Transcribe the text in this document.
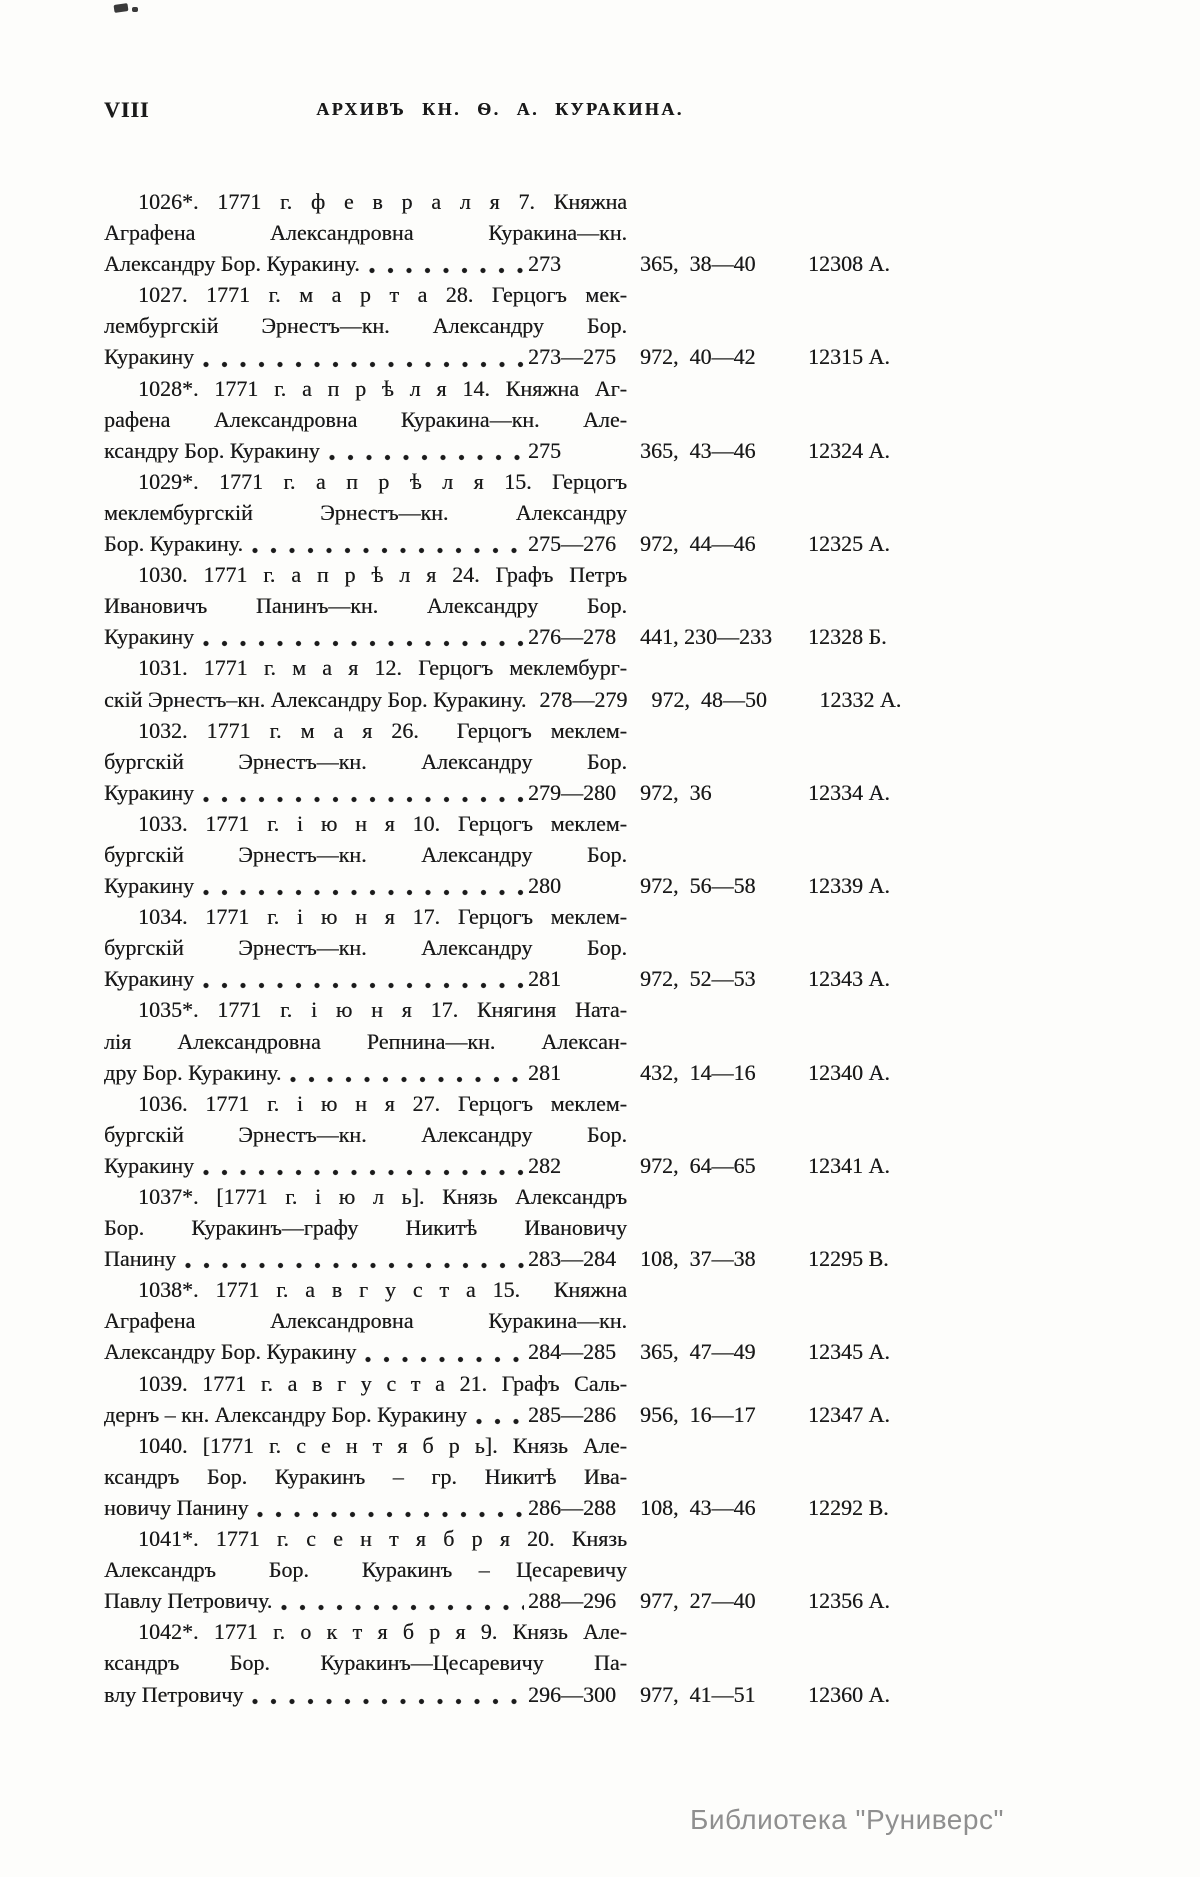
VIII	АРХИВЪ КН. Ѳ. А. КУРАКИНА.
1026*. 1771 г. ф е в р а л я 7. Княжна
Аграфена Александровна Куракина—кн.
Александру Бор. Куракину.	273	365,  38—40	12308 А.
1027. 1771 г. м а р т а 28. Герцогъ мек-
лембургскій Эрнестъ—кн. Александру Бор.
Куракину	273—275	972,  40—42	12315 А.
1028*. 1771 г. а п р ѣ л я 14. Княжна Аг-
рафена Александровна Куракина—кн. Але-
ксандру Бор. Куракину	275	365,  43—46	12324 А.
1029*. 1771 г. а п р ѣ л я 15. Герцогъ
меклембургскій Эрнестъ—кн. Александру
Бор. Куракину.	275—276	972,  44—46	12325 А.
1030. 1771 г. а п р ѣ л я 24. Графъ Петръ
Ивановичъ Панинъ—кн. Александру Бор.
Куракину	276—278	441, 230—233 12328 Б.
1031. 1771 г. м а я 12. Герцогъ меклембург-
скій Эрнестъ–кн. Александру Бор. Куракину. 278—279	972,  48—50	12332 А.
1032. 1771 г. м а я 26.  Герцогъ меклем-
бургскій Эрнестъ—кн. Александру Бор.
Куракину	279—280	972,  36	12334 А.
1033. 1771 г. і ю н я 10. Герцогъ меклем-
бургскій Эрнестъ—кн. Александру Бор.
Куракину	280	972,  56—58	12339 А.
1034. 1771 г. і ю н я 17. Герцогъ меклем-
бургскій Эрнестъ—кн. Александру Бор.
Куракину	281	972,  52—53	12343 А.
1035*. 1771 г. і ю н я 17. Княгиня Ната-
лія Александровна Репнина—кн. Алексан-
дру Бор. Куракину.	281	432,  14—16	12340 А.
1036. 1771 г. і ю н я 27. Герцогъ меклем-
бургскій Эрнестъ—кн. Александру Бор.
Куракину	282	972,  64—65	12341 А.
1037*. [1771 г. і ю л ь]. Князь Александръ
Бор. Куракинъ—графу Никитѣ Ивановичу
Панину	283—284	108,  37—38	12295 В.
1038*. 1771 г. а в г у с т а 15.  Княжна
Аграфена Александровна Куракина—кн.
Александру Бор. Куракину	284—285	365,  47—49	12345 А.
1039. 1771 г. а в г у с т а 21. Графъ Саль-
дернъ – кн. Александру Бор. Куракину	285—286	956,  16—17	12347 А.
1040. [1771 г. с е н т я б р ь]. Князь Але-
ксандръ Бор. Куракинъ – гр. Никитѣ Ива-
новичу Панину	286—288	108,  43—46	12292 В.
1041*. 1771 г. с е н т я б р я 20. Князь
Александръ  Бор.  Куракинъ – Цесаревичу
Павлу Петровичу.	288—296	977,  27—40	12356 А.
1042*. 1771 г. о к т я б р я 9. Князь Але-
ксандръ Бор. Куракинъ—Цесаревичу Па-
влу Петровичу	296—300	977,  41—51	12360 А.
Библиотека "Руниверс"
